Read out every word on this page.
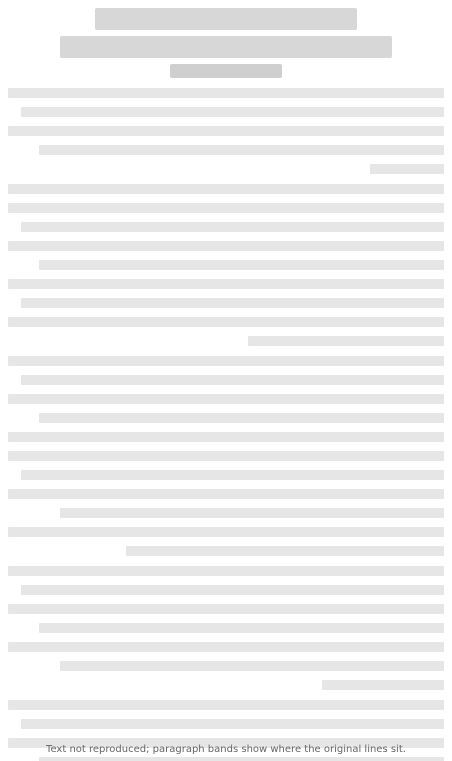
Text not reproduced; paragraph bands show where the original lines sit.
